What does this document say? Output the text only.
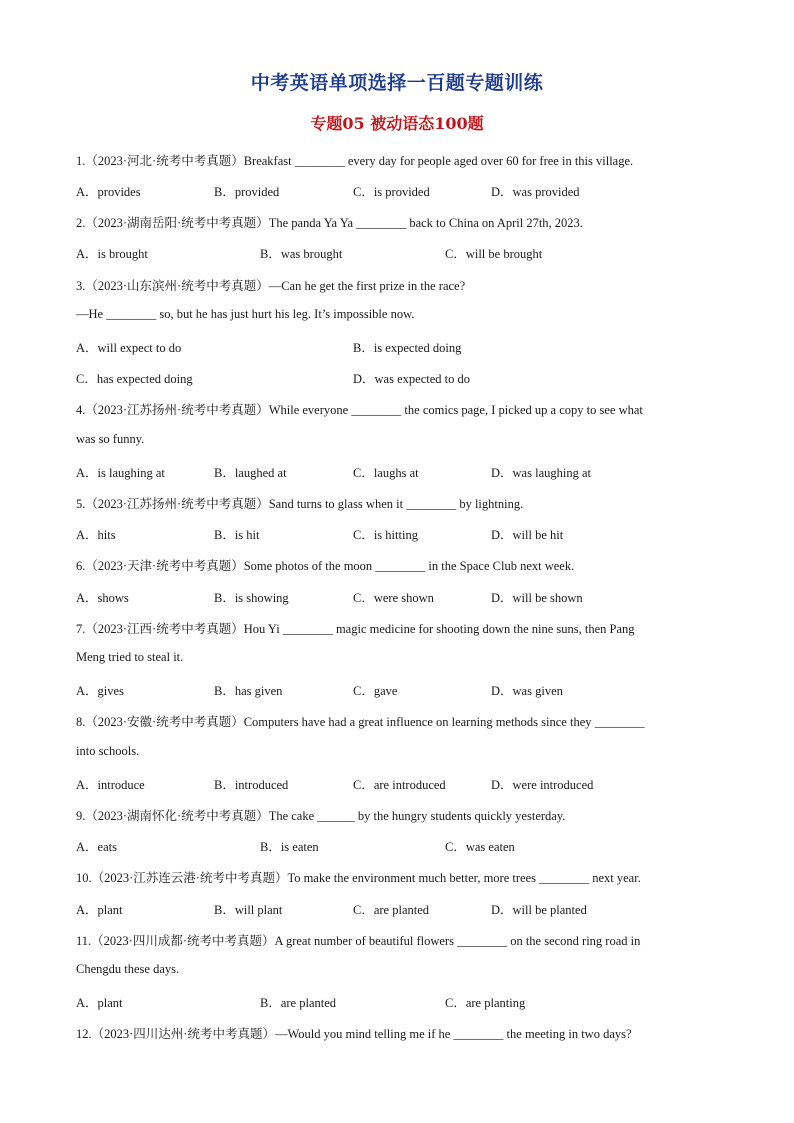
中考英语单项选择一百题专题训练
专题05 被动语态100题
1.（2023·河北·统考中考真题）Breakfast ________ every day for people aged over 60 for free in this village.
A．provides	B．provided	C．is provided	D．was provided
2.（2023·湖南岳阳·统考中考真题）The panda Ya Ya ________ back to China on April 27th, 2023.
A．is brought	B．was brought	C．will be brought
3.（2023·山东滨州·统考中考真题）—Can he get the first prize in the race?
—He ________ so, but he has just hurt his leg. It’s impossible now.
A．will expect to do	B．is expected doing
C．has expected doing	D．was expected to do
4.（2023·江苏扬州·统考中考真题）While everyone ________ the comics page, I picked up a copy to see what
was so funny.
A．is laughing at	B．laughed at	C．laughs at	D．was laughing at
5.（2023·江苏扬州·统考中考真题）Sand turns to glass when it ________ by lightning.
A．hits	B．is hit	C．is hitting	D．will be hit
6.（2023·天津·统考中考真题）Some photos of the moon ________ in the Space Club next week.
A．shows	B．is showing	C．were shown	D．will be shown
7.（2023·江西·统考中考真题）Hou Yi ________ magic medicine for shooting down the nine suns, then Pang
Meng tried to steal it.
A．gives	B．has given	C．gave	D．was given
8.（2023·安徽·统考中考真题）Computers have had a great influence on learning methods since they ________
into schools.
A．introduce	B．introduced	C．are introduced	D．were introduced
9.（2023·湖南怀化·统考中考真题）The cake ______ by the hungry students quickly yesterday.
A．eats	B．is eaten	C．was eaten
10.（2023·江苏连云港·统考中考真题）To make the environment much better, more trees ________ next year.
A．plant	B．will plant	C．are planted	D．will be planted
11.（2023·四川成都·统考中考真题）A great number of beautiful flowers ________ on the second ring road in
Chengdu these days.
A．plant	B．are planted	C．are planting
12.（2023·四川达州·统考中考真题）—Would you mind telling me if he ________ the meeting in two days?
